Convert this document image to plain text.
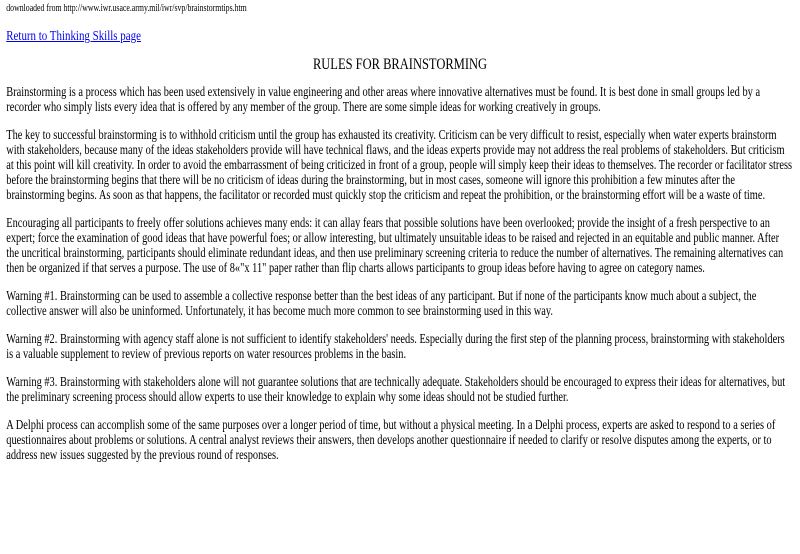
downloaded from http://www.iwr.usace.army.mil/iwr/svp/brainstormtips.htm
Return to Thinking Skills page
RULES FOR BRAINSTORMING

Brainstorming is a process which has been used extensively in value engineering and other areas where innovative alternatives must be found. It is best done in small groups led by a recorder who simply lists every idea that is offered by any member of the group. There are some simple ideas for working creatively in groups.

The key to successful brainstorming is to withhold criticism until the group has exhausted its creativity. Criticism can be very difficult to resist, especially when water experts brainstorm with stakeholders, because many of the ideas stakeholders provide will have technical flaws, and the ideas experts provide may not address the real problems of stakeholders. But criticism at this point will kill creativity. In order to avoid the embarrassment of being criticized in front of a group, people will simply keep their ideas to themselves. The recorder or facilitator stress before the brainstorming begins that there will be no criticism of ideas during the brainstorming, but in most cases, someone will ignore this prohibition a few minutes after the brainstorming begins. As soon as that happens, the facilitator or recorded must quickly stop the criticism and repeat the prohibition, or the brainstorming effort will be a waste of time.

Encouraging all participants to freely offer solutions achieves many ends: it can allay fears that possible solutions have been overlooked; provide the insight of a fresh perspective to an expert; force the examination of good ideas that have powerful foes; or allow interesting, but ultimately unsuitable ideas to be raised and rejected in an equitable and public manner. After the uncritical brainstorming, participants should eliminate redundant ideas, and then use preliminary screening criteria to reduce the number of alternatives. The remaining alternatives can then be organized if that serves a purpose. The use of 8«"x 11" paper rather than flip charts allows participants to group ideas before having to agree on category names.

Warning #1. Brainstorming can be used to assemble a collective response better than the best ideas of any participant. But if none of the participants know much about a subject, the collective answer will also be uninformed. Unfortunately, it has become much more common to see brainstorming used in this way.

Warning #2. Brainstorming with agency staff alone is not sufficient to identify stakeholders' needs. Especially during the first step of the planning process, brainstorming with stakeholders is a valuable supplement to review of previous reports on water resources problems in the basin.

Warning #3. Brainstorming with stakeholders alone will not guarantee solutions that are technically adequate. Stakeholders should be encouraged to express their ideas for alternatives, but the preliminary screening process should allow experts to use their knowledge to explain why some ideas should not be studied further.

A Delphi process can accomplish some of the same purposes over a longer period of time, but without a physical meeting. In a Delphi process, experts are asked to respond to a series of questionnaires about problems or solutions. A central analyst reviews their answers, then develops another questionnaire if needed to clarify or resolve disputes among the experts, or to address new issues suggested by the previous round of responses.
